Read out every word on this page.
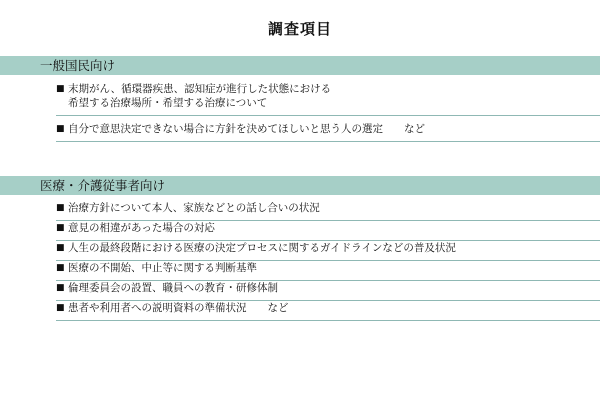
調査項目
一般国民向け
■ 末期がん、循環器疾患、認知症が進行した状態における
希望する治療場所・希望する治療について
■ 自分で意思決定できない場合に方針を決めてほしいと思う人の選定 　　など
医療・介護従事者向け
■ 治療方針について本人、家族などとの話し合いの状況
■ 意見の相違があった場合の対応
■ 人生の最終段階における医療の決定プロセスに関するガイドラインなどの普及状況
■ 医療の不開始、中止等に関する判断基準
■ 倫理委員会の設置、職員への教育・研修体制
■ 患者や利用者への説明資料の準備状況 　　など
